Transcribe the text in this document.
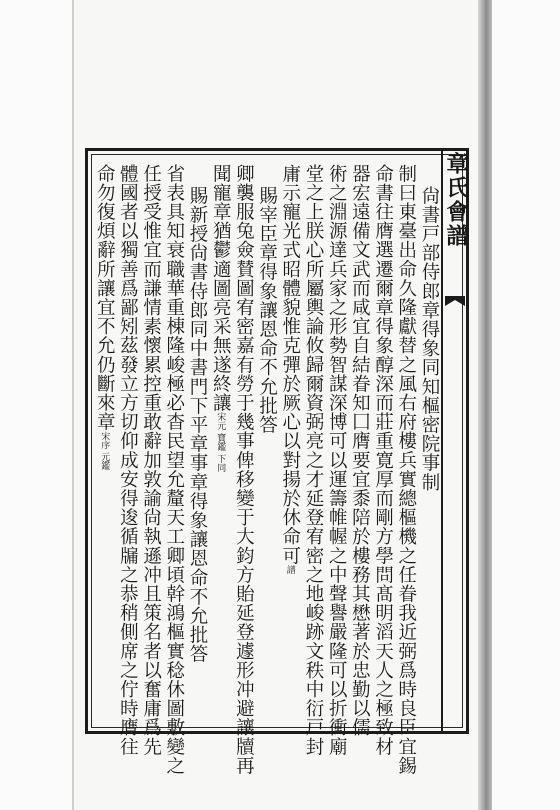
章氏會譜
尙書戸部侍郎章得象同知樞密院事制
制曰東臺出命久隆獻替之風右府樓兵實總樞機之任眷我近弼爲時良臣宜錫
命書往膺選遷爾章得象醇深而莊重寛厚而剛方學問髙明滔天人之極致材
器宏遠備文武而咸宜自結眷知囗膺要宜黍陪於樓務其懋著於忠勤以儒
術之淵源達兵家之形勢智謀深博可以運籌帷幄之中聲譽嚴隆可以折衝廟
堂之上朕心所屬輿論攸歸爾資弼亮之才延登宥密之地峻跡文秩中衍戸封
庸示寵光式昭體貌惟克彈於厥心以對揚於休命可譜
賜宰臣章得象讓恩命不允批答
卿襲服兔僉賛圖宥密嘉有勞于幾事俾移變于大鈞方貽延登遽形冲避讓牘再
聞寵章猶鬱適圖亮采無遂終讓宋元 寶鑑 下同
賜新授尙書侍郎同中書門下平章事章得象讓恩命不允批答
省表具知衰職華重棟隆峻極必杳民望允釐天工卿頃幹鴻樞實稔休圖敷變之
任授受惟宜而謙情素懷累控重敢辭加敦諭尙執遜冲且策名者以奮庸爲先
體國者以獨善爲鄙矧茲發立方切仰成安得逡循牖之恭稍側席之佇時膺往
命勿復煩辭所讓宜不允仍斷來章宋序 元鑑
